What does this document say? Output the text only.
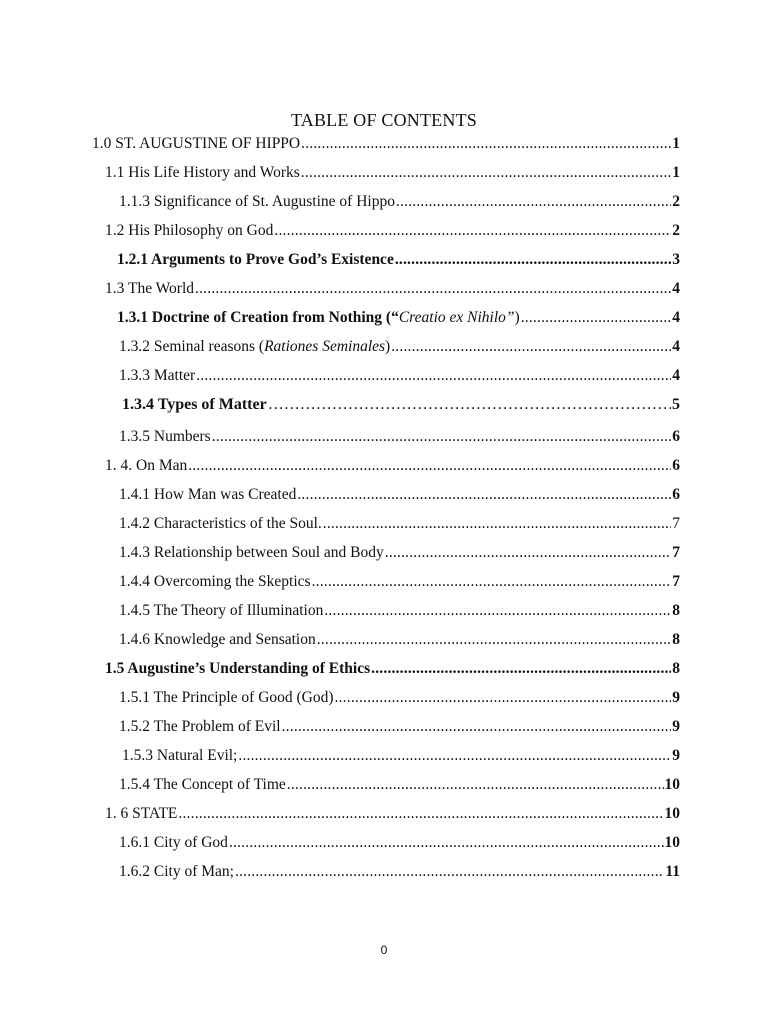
TABLE OF CONTENTS
1.0 ST. AUGUSTINE OF HIPPO .....	1
1.1 His Life History and Works .....	1
1.1.3 Significance of St. Augustine of Hippo .....	2
1.2 His Philosophy on God .....	2
1.2.1 Arguments to Prove God’s Existence .....	3
1.3 The World .....	4
1.3.1 Doctrine of Creation from Nothing (“Creatio ex Nihilo”) .....	4
1.3.2 Seminal reasons (Rationes Seminales) .....	4
1.3.3 Matter .....	4
1.3.4 Types of Matter …………………………………………………………………………………………………………………………………………	5
1.3.5 Numbers .....	6
1. 4. On Man .....	6
1.4.1 How Man was Created .....	6
1.4.2 Characteristics of the Soul. .....	7
1.4.3 Relationship between Soul and Body .....	7
1.4.4 Overcoming the Skeptics .....	7
1.4.5 The Theory of Illumination .....	8
1.4.6 Knowledge and Sensation .....	8
1.5 Augustine’s Understanding of Ethics .....	8
1.5.1 The Principle of Good (God) .....	9
1.5.2 The Problem of Evil .....	9
1.5.3 Natural Evil; .....	9
1.5.4 The Concept of Time .....	10
1. 6 STATE .....	10
1.6.1 City of God .....	10
1.6.2 City of Man; .....	11
0
